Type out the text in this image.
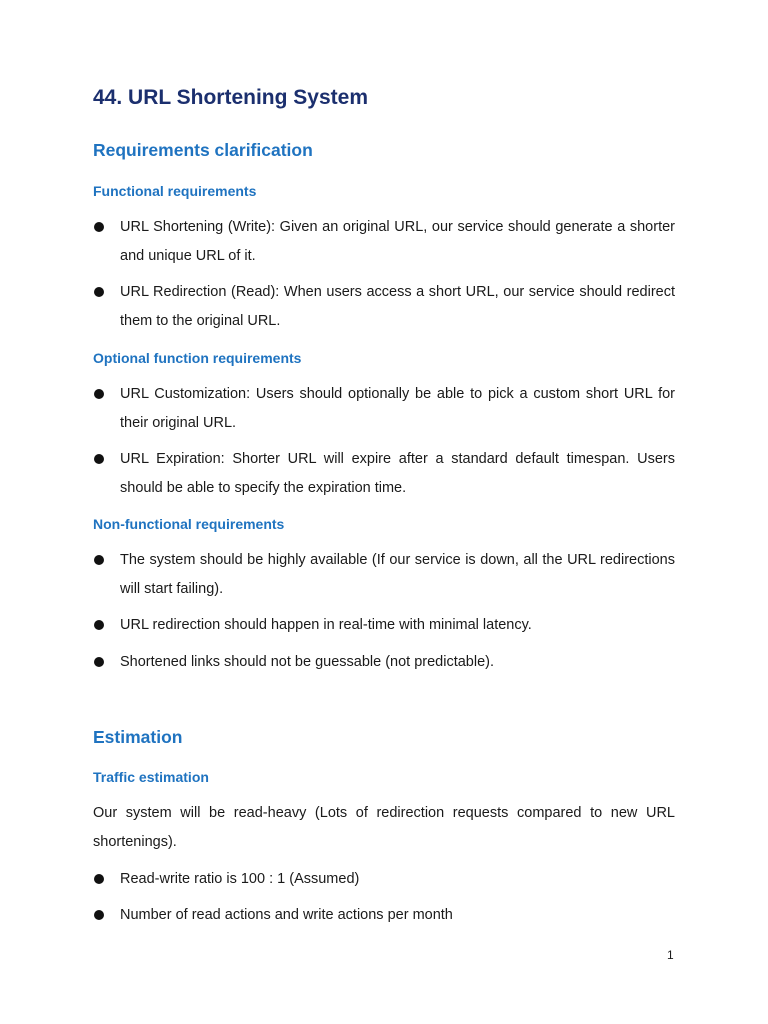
44. URL Shortening System
Requirements clarification
Functional requirements
URL Shortening (Write): Given an original URL, our service should generate a shorter and unique URL of it.
URL Redirection (Read): When users access a short URL, our service should redirect them to the original URL.
Optional function requirements
URL Customization: Users should optionally be able to pick a custom short URL for their original URL.
URL Expiration: Shorter URL will expire after a standard default timespan. Users should be able to specify the expiration time.
Non-functional requirements
The system should be highly available (If our service is down, all the URL redirections will start failing).
URL redirection should happen in real-time with minimal latency.
Shortened links should not be guessable (not predictable).
Estimation
Traffic estimation
Our system will be read-heavy (Lots of redirection requests compared to new URL shortenings).
Read-write ratio is 100 : 1 (Assumed)
Number of read actions and write actions per month
1
